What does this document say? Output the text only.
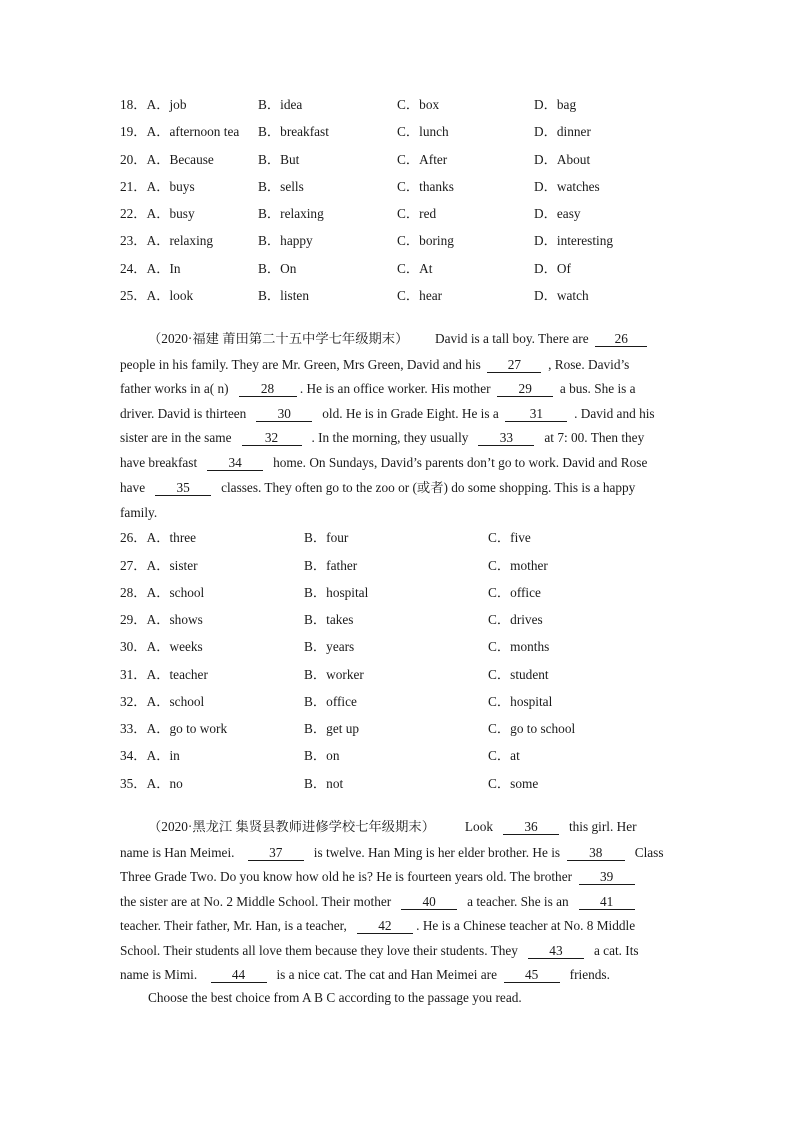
18．A．job	B．idea	C．box	D．bag
19．A．afternoon tea B．breakfast	C．lunch	D．dinner
20．A．Because	B．But	C．After	D．About
21．A．buys	B．sells	C．thanks	D．watches
22．A．busy	B．relaxing	C．red	D．easy
23．A．relaxing	B．happy	C．boring	D．interesting
24．A．In	B．On	C．At	D．Of
25．A．look	B．listen	C．hear	D．watch
（2020·福建 莆田第二十五中学七年级期末） David is a tall boy. There are 26
people in his family. They are Mr. Green, Mrs Green, David and his 27 , Rose. David’s
father works in a( n) 28 . He is an office worker. His mother 29 a bus. She is a
driver. David is thirteen 30 old. He is in Grade Eight. He is a 31 . David and his
sister are in the same	32	. In the morning, they usually 33 at 7: 00. Then they
have breakfast 34 home. On Sundays, David’s parents don’t go to work. David and Rose
have 35 classes. They often go to the zoo or (或者) do some shopping. This is a happy
family.
26．A．three	B．four	C．five
27．A．sister	B．father	C．mother
28．A．school	B．hospital	C．office
29．A．shows	B．takes	C．drives
30．A．weeks	B．years	C．months
31．A．teacher	B．worker	C．student
32．A．school	B．office	C．hospital
33．A．go to work	B．get up	C．go to school
34．A．in	B．on	C．at
35．A．no	B．not	C．some
（2020·黑龙江 集贤县教师进修学校七年级期末） Look 36 this girl. Her
name is Han Meimei.	37 is twelve. Han Ming is her elder brother. He is 38 Class
Three Grade Two. Do you know how old he is? He is fourteen years old. The brother 39
the sister are at No. 2 Middle School. Their mother 40 a teacher. She is an 41
teacher. Their father, Mr. Han, is a teacher, 42 . He is a Chinese teacher at No. 8 Middle
School. Their students all love them because they love their students. They 43 a cat. Its
name is Mimi.	44 is a nice cat. The cat and Han Meimei are 45 friends.
Choose the best choice from A B C according to the passage you read.
